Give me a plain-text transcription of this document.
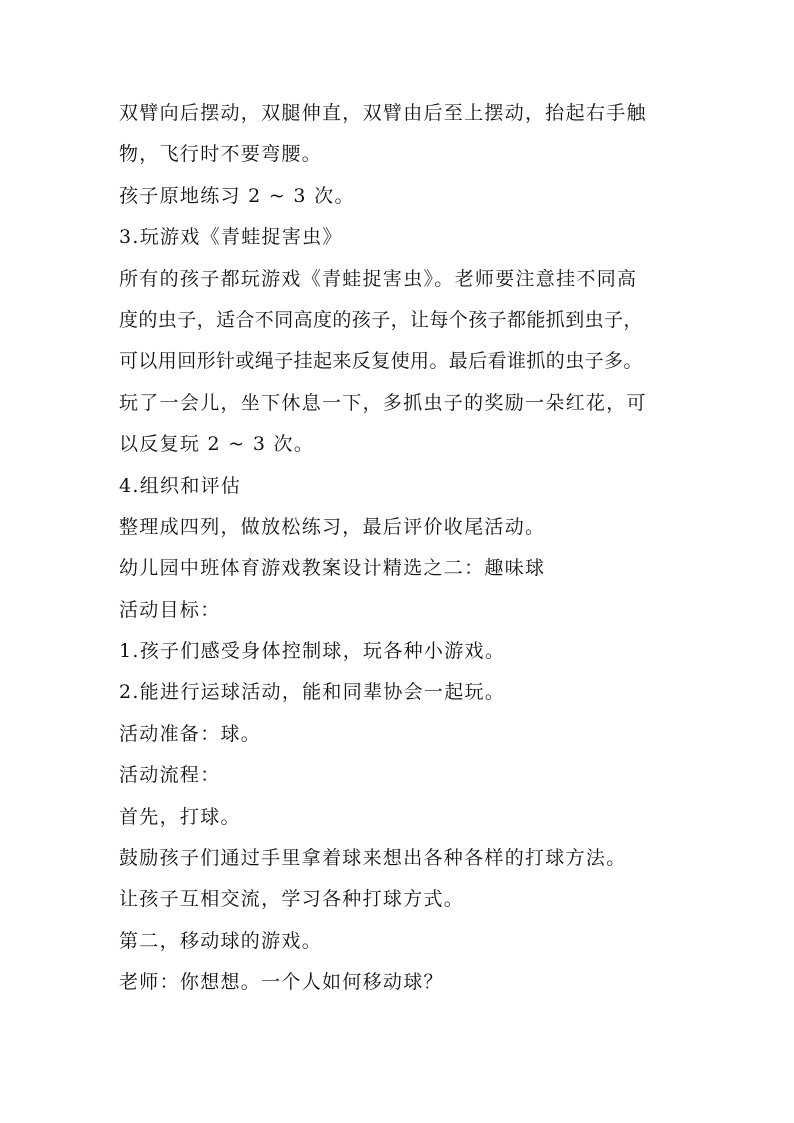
双臂向后摆动，双腿伸直，双臂由后至上摆动，抬起右手触
物，飞行时不要弯腰。
孩子原地练习 2 ~ 3 次。
3.玩游戏《青蛙捉害虫》
所有的孩子都玩游戏《青蛙捉害虫》。老师要注意挂不同高
度的虫子，适合不同高度的孩子，让每个孩子都能抓到虫子，
可以用回形针或绳子挂起来反复使用。最后看谁抓的虫子多。
玩了一会儿，坐下休息一下，多抓虫子的奖励一朵红花，可
以反复玩 2 ~ 3 次。
4.组织和评估
整理成四列，做放松练习，最后评价收尾活动。
幼儿园中班体育游戏教案设计精选之二：趣味球
活动目标：
1.孩子们感受身体控制球，玩各种小游戏。
2.能进行运球活动，能和同辈协会一起玩。
活动准备：球。
活动流程：
首先，打球。
鼓励孩子们通过手里拿着球来想出各种各样的打球方法。
让孩子互相交流，学习各种打球方式。
第二，移动球的游戏。
老师：你想想。一个人如何移动球？
